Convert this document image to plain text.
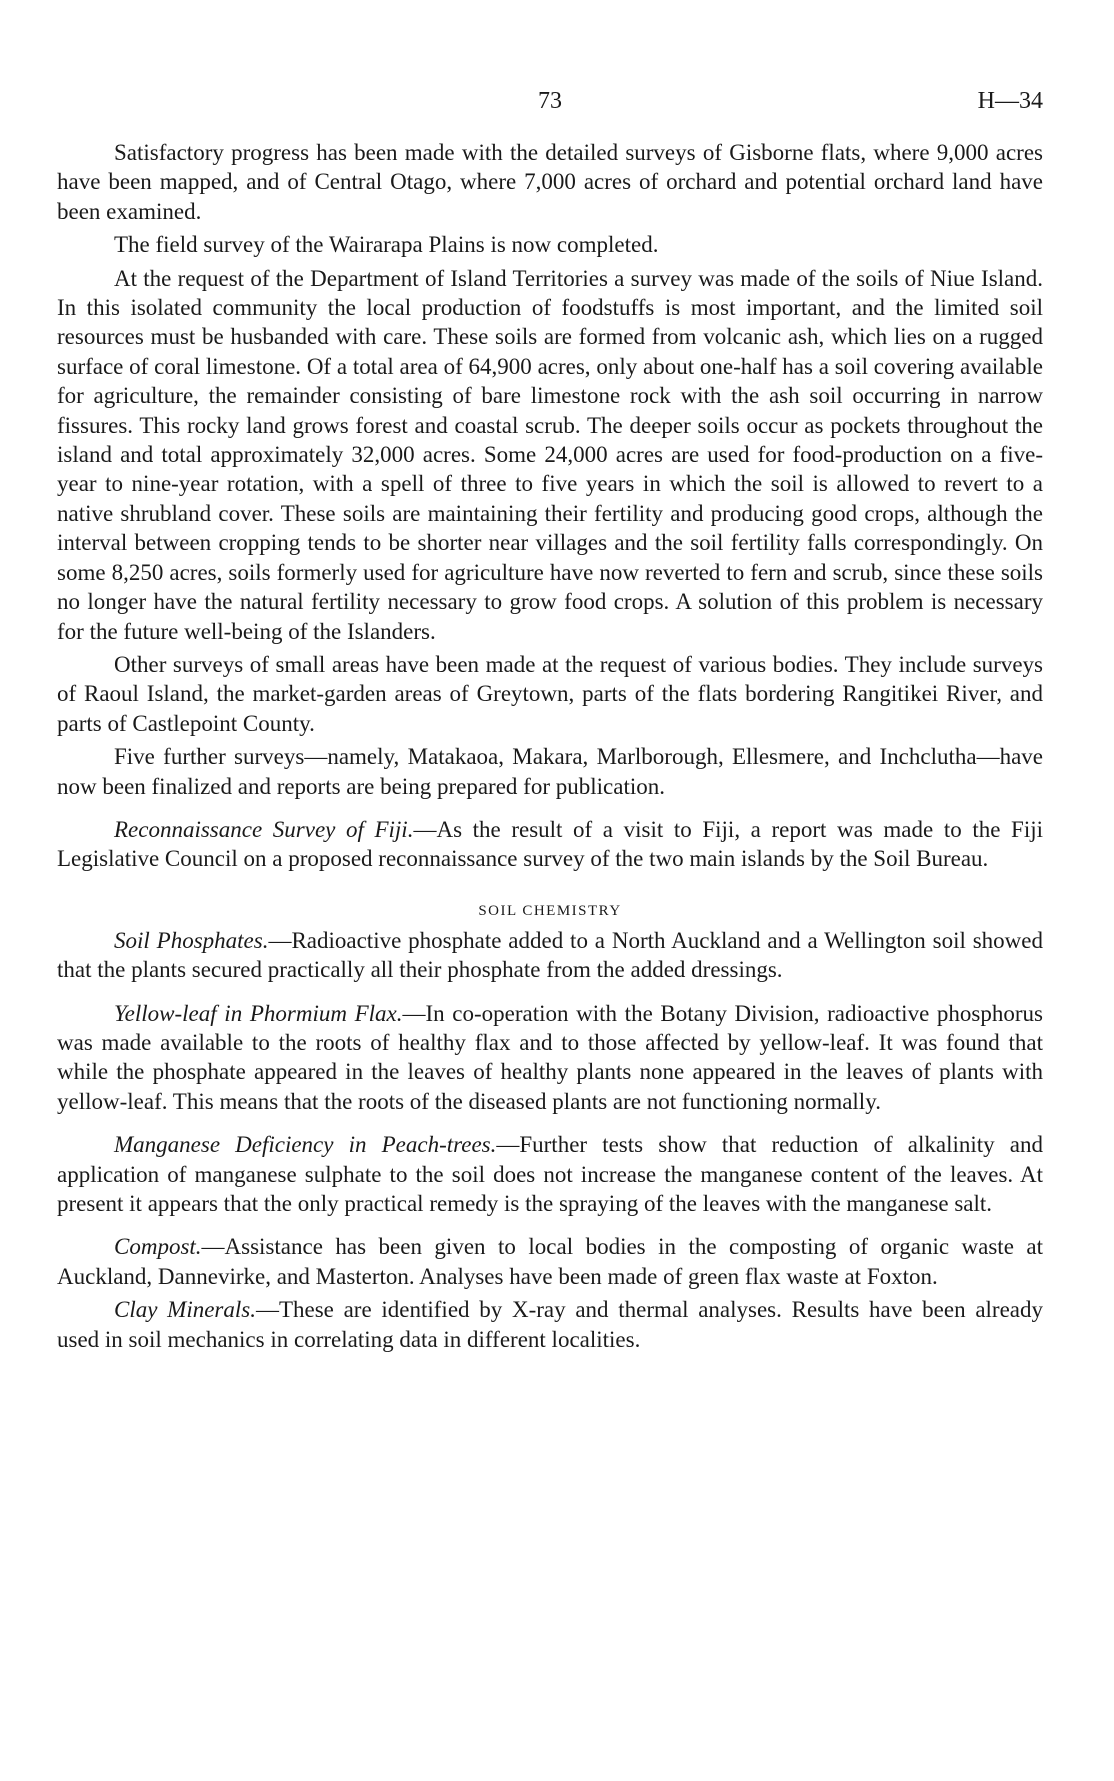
73	H—34

Satisfactory progress has been made with the detailed surveys of Gisborne flats, where 9,000 acres have been mapped, and of Central Otago, where 7,000 acres of orchard and potential orchard land have been examined.

The field survey of the Wairarapa Plains is now completed.

At the request of the Department of Island Territories a survey was made of the soils of Niue Island. In this isolated community the local production of foodstuffs is most important, and the limited soil resources must be husbanded with care. These soils are formed from volcanic ash, which lies on a rugged surface of coral limestone. Of a total area of 64,900 acres, only about one-half has a soil covering available for agriculture, the remainder consisting of bare limestone rock with the ash soil occurring in narrow fissures. This rocky land grows forest and coastal scrub. The deeper soils occur as pockets throughout the island and total approximately 32,000 acres. Some 24,000 acres are used for food-production on a five-year to nine-year rotation, with a spell of three to five years in which the soil is allowed to revert to a native shrubland cover. These soils are maintaining their fertility and producing good crops, although the interval between cropping tends to be shorter near villages and the soil fertility falls correspondingly. On some 8,250 acres, soils formerly used for agriculture have now reverted to fern and scrub, since these soils no longer have the natural fertility necessary to grow food crops. A solution of this problem is necessary for the future well-being of the Islanders.

Other surveys of small areas have been made at the request of various bodies. They include surveys of Raoul Island, the market-garden areas of Greytown, parts of the flats bordering Rangitikei River, and parts of Castlepoint County.

Five further surveys—namely, Matakaoa, Makara, Marlborough, Ellesmere, and Inchclutha—have now been finalized and reports are being prepared for publication.

Reconnaissance Survey of Fiji.—As the result of a visit to Fiji, a report was made to the Fiji Legislative Council on a proposed reconnaissance survey of the two main islands by the Soil Bureau.

SOIL CHEMISTRY

Soil Phosphates.—Radioactive phosphate added to a North Auckland and a Wellington soil showed that the plants secured practically all their phosphate from the added dressings.

Yellow-leaf in Phormium Flax.—In co-operation with the Botany Division, radioactive phosphorus was made available to the roots of healthy flax and to those affected by yellow-leaf. It was found that while the phosphate appeared in the leaves of healthy plants none appeared in the leaves of plants with yellow-leaf. This means that the roots of the diseased plants are not functioning normally.

Manganese Deficiency in Peach-trees.—Further tests show that reduction of alkalinity and application of manganese sulphate to the soil does not increase the manganese content of the leaves. At present it appears that the only practical remedy is the spraying of the leaves with the manganese salt.

Compost.—Assistance has been given to local bodies in the composting of organic waste at Auckland, Dannevirke, and Masterton. Analyses have been made of green flax waste at Foxton.

Clay Minerals.—These are identified by X-ray and thermal analyses. Results have been already used in soil mechanics in correlating data in different localities.
